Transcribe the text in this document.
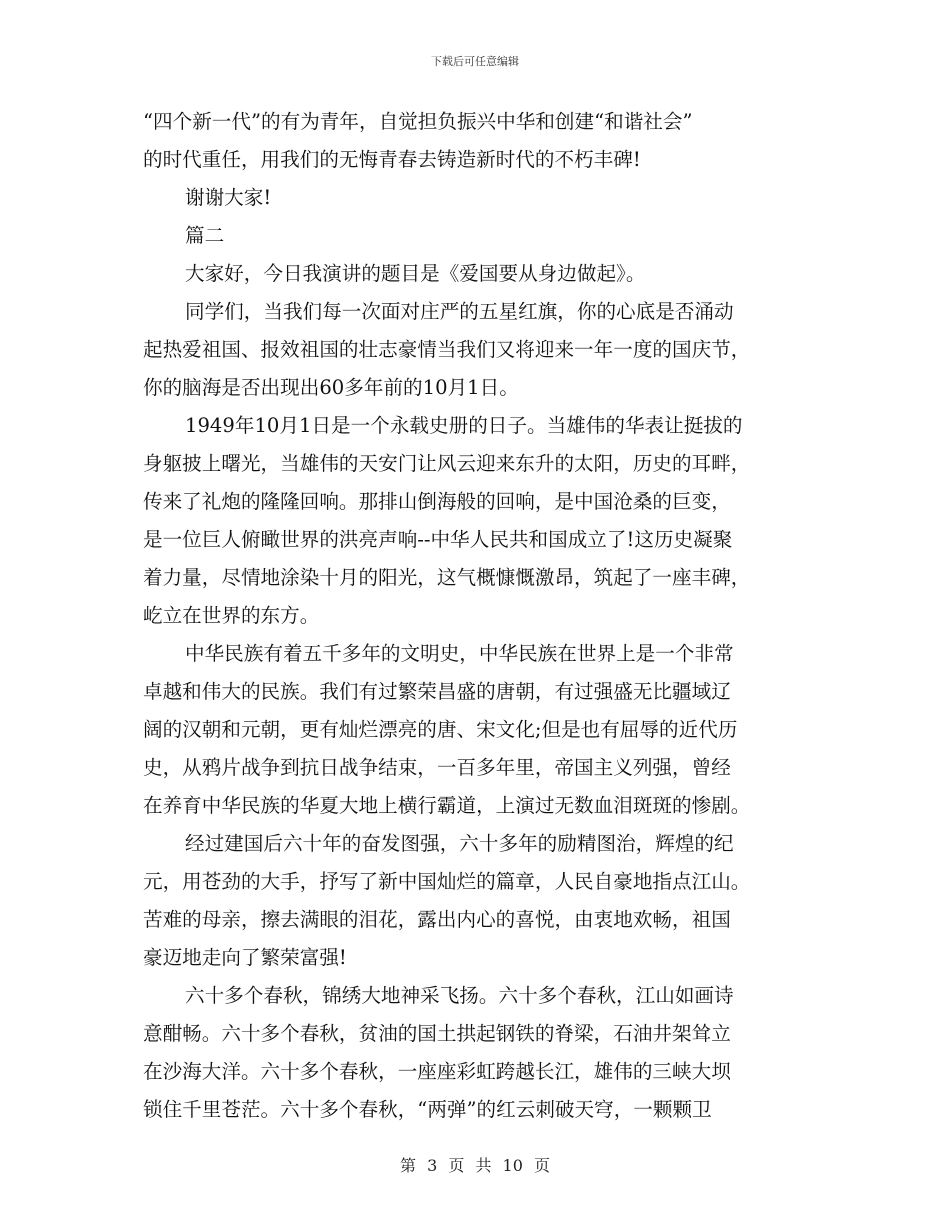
下载后可任意编辑
“四个新一代”的有为青年，自觉担负振兴中华和创建“和谐社会”
的时代重任，用我们的无悔青春去铸造新时代的不朽丰碑!
谢谢大家!
篇二
大家好，今日我演讲的题目是《爱国要从身边做起》。
同学们，当我们每一次面对庄严的五星红旗，你的心底是否涌动
起热爱祖国、报效祖国的壮志豪情当我们又将迎来一年一度的国庆节，
你的脑海是否出现出60多年前的10月1日。
1949年10月1日是一个永载史册的日子。当雄伟的华表让挺拔的
身躯披上曙光，当雄伟的天安门让风云迎来东升的太阳，历史的耳畔，
传来了礼炮的隆隆回响。那排山倒海般的回响，是中国沧桑的巨变，
是一位巨人俯瞰世界的洪亮声响--中华人民共和国成立了!这历史凝聚
着力量，尽情地涂染十月的阳光，这气概慷慨激昂，筑起了一座丰碑，
屹立在世界的东方。
中华民族有着五千多年的文明史，中华民族在世界上是一个非常
卓越和伟大的民族。我们有过繁荣昌盛的唐朝，有过强盛无比疆域辽
阔的汉朝和元朝，更有灿烂漂亮的唐、宋文化;但是也有屈辱的近代历
史，从鸦片战争到抗日战争结束，一百多年里，帝国主义列强，曾经
在养育中华民族的华夏大地上横行霸道，上演过无数血泪斑斑的惨剧。
经过建国后六十年的奋发图强，六十多年的励精图治，辉煌的纪
元，用苍劲的大手，抒写了新中国灿烂的篇章，人民自豪地指点江山。
苦难的母亲，擦去满眼的泪花，露出内心的喜悦，由衷地欢畅，祖国
豪迈地走向了繁荣富强!
六十多个春秋，锦绣大地神采飞扬。六十多个春秋，江山如画诗
意酣畅。六十多个春秋，贫油的国土拱起钢铁的脊梁，石油井架耸立
在沙海大洋。六十多个春秋，一座座彩虹跨越长江，雄伟的三峡大坝
锁住千里苍茫。六十多个春秋，“两弹”的红云刺破天穹，一颗颗卫
第 3 页 共 10 页
